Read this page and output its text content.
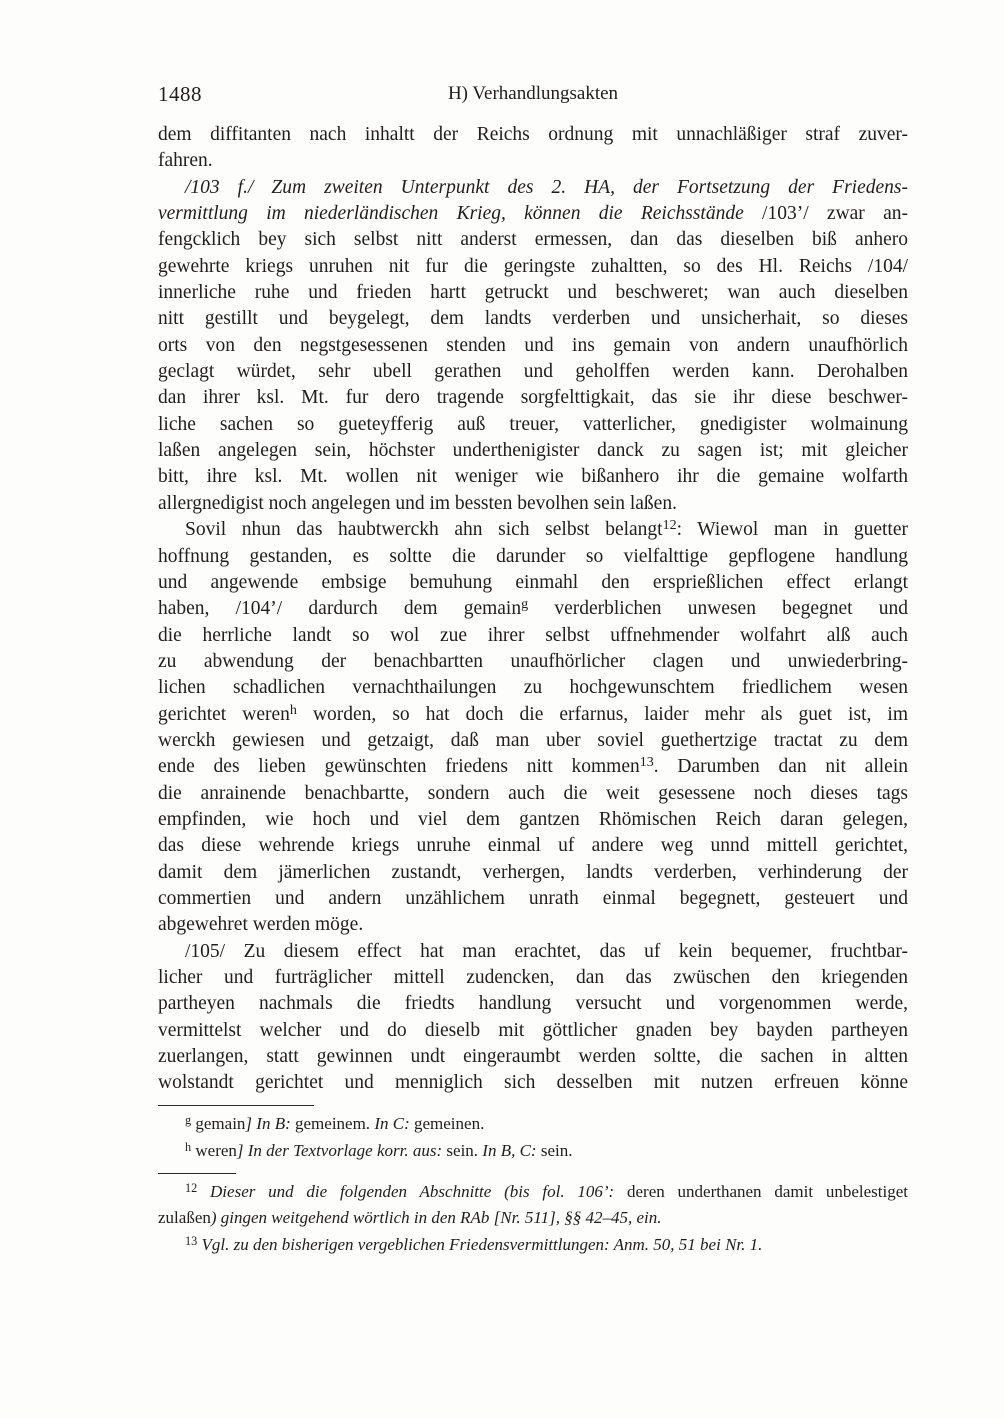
1488	H) Verhandlungsakten
dem diffitanten nach inhaltt der Reichs ordnung mit unnachläßiger straf zuver-
fahren.
/103 f./ Zum zweiten Unterpunkt des 2. HA, der Fortsetzung der Friedens-
vermittlung im niederländischen Krieg, können die Reichsstände /103’/ zwar an-
fengcklich bey sich selbst nitt anderst ermessen, dan das dieselben biß anhero
gewehrte kriegs unruhen nit fur die geringste zuhaltten, so des Hl. Reichs /104/
innerliche ruhe und frieden hartt getruckt und beschweret; wan auch dieselben
nitt gestillt und beygelegt, dem landts verderben und unsicherhait, so dieses
orts von den negstgesessenen stenden und ins gemain von andern unaufhörlich
geclagt würdet, sehr ubell gerathen und geholffen werden kann. Derohalben
dan ihrer ksl. Mt. fur dero tragende sorgfelttigkait, das sie ihr diese beschwer-
liche sachen so gueteyfferig auß treuer, vatterlicher, gnedigister wolmainung
laßen angelegen sein, höchster underthenigister danck zu sagen ist; mit gleicher
bitt, ihre ksl. Mt. wollen nit weniger wie bißanhero ihr die gemaine wolfarth
allergnedigist noch angelegen und im bessten bevolhen sein laßen.
Sovil nhun das haubtwerckh ahn sich selbst belangt$^{12}$: Wiewol man in guetter
hoffnung gestanden, es soltte die darunder so vielfalttige gepflogene handlung
und angewende embsige bemuhung einmahl den ersprießlichen effect erlangt
haben, /104’/ dardurch dem gemain$^g$ verderblichen unwesen begegnet und
die herrliche landt so wol zue ihrer selbst uffnehmender wolfahrt alß auch
zu abwendung der benachbartten unaufhörlicher clagen und unwiederbring-
lichen schadlichen vernachthailungen zu hochgewunschtem friedlichem wesen
gerichtet weren$^h$ worden, so hat doch die erfarnus, laider mehr als guet ist, im
werckh gewiesen und getzaigt, daß man uber soviel guethertzige tractat zu dem
ende des lieben gewünschten friedens nitt kommen$^{13}$. Darumben dan nit allein
die anrainende benachbartte, sondern auch die weit gesessene noch dieses tags
empfinden, wie hoch und viel dem gantzen Rhömischen Reich daran gelegen,
das diese wehrende kriegs unruhe einmal uf andere weg unnd mittell gerichtet,
damit dem jämerlichen zustandt, verhergen, landts verderben, verhinderung der
commertien und andern unzählichem unrath einmal begegnett, gesteuert und
abgewehret werden möge.
/105/ Zu diesem effect hat man erachtet, das uf kein bequemer, fruchtbar-
licher und furträglicher mittell zudencken, dan das zwüschen den kriegenden
partheyen nachmals die friedts handlung versucht und vorgenommen werde,
vermittelst welcher und do dieselb mit göttlicher gnaden bey bayden partheyen
zuerlangen, statt gewinnen undt eingeraumbt werden soltte, die sachen in altten
wolstandt gerichtet und menniglich sich desselben mit nutzen erfreuen könne
$^g$ gemain] In B: gemeinem. In C: gemeinen.
$^h$ weren] In der Textvorlage korr. aus: sein. In B, C: sein.
$^{12}$ Dieser und die folgenden Abschnitte (bis fol. 106’: deren underthanen damit unbelestiget
zulaßen) gingen weitgehend wörtlich in den RAb [Nr. 511], §§ 42–45, ein.
$^{13}$ Vgl. zu den bisherigen vergeblichen Friedensvermittlungen: Anm. 50, 51 bei Nr. 1.
